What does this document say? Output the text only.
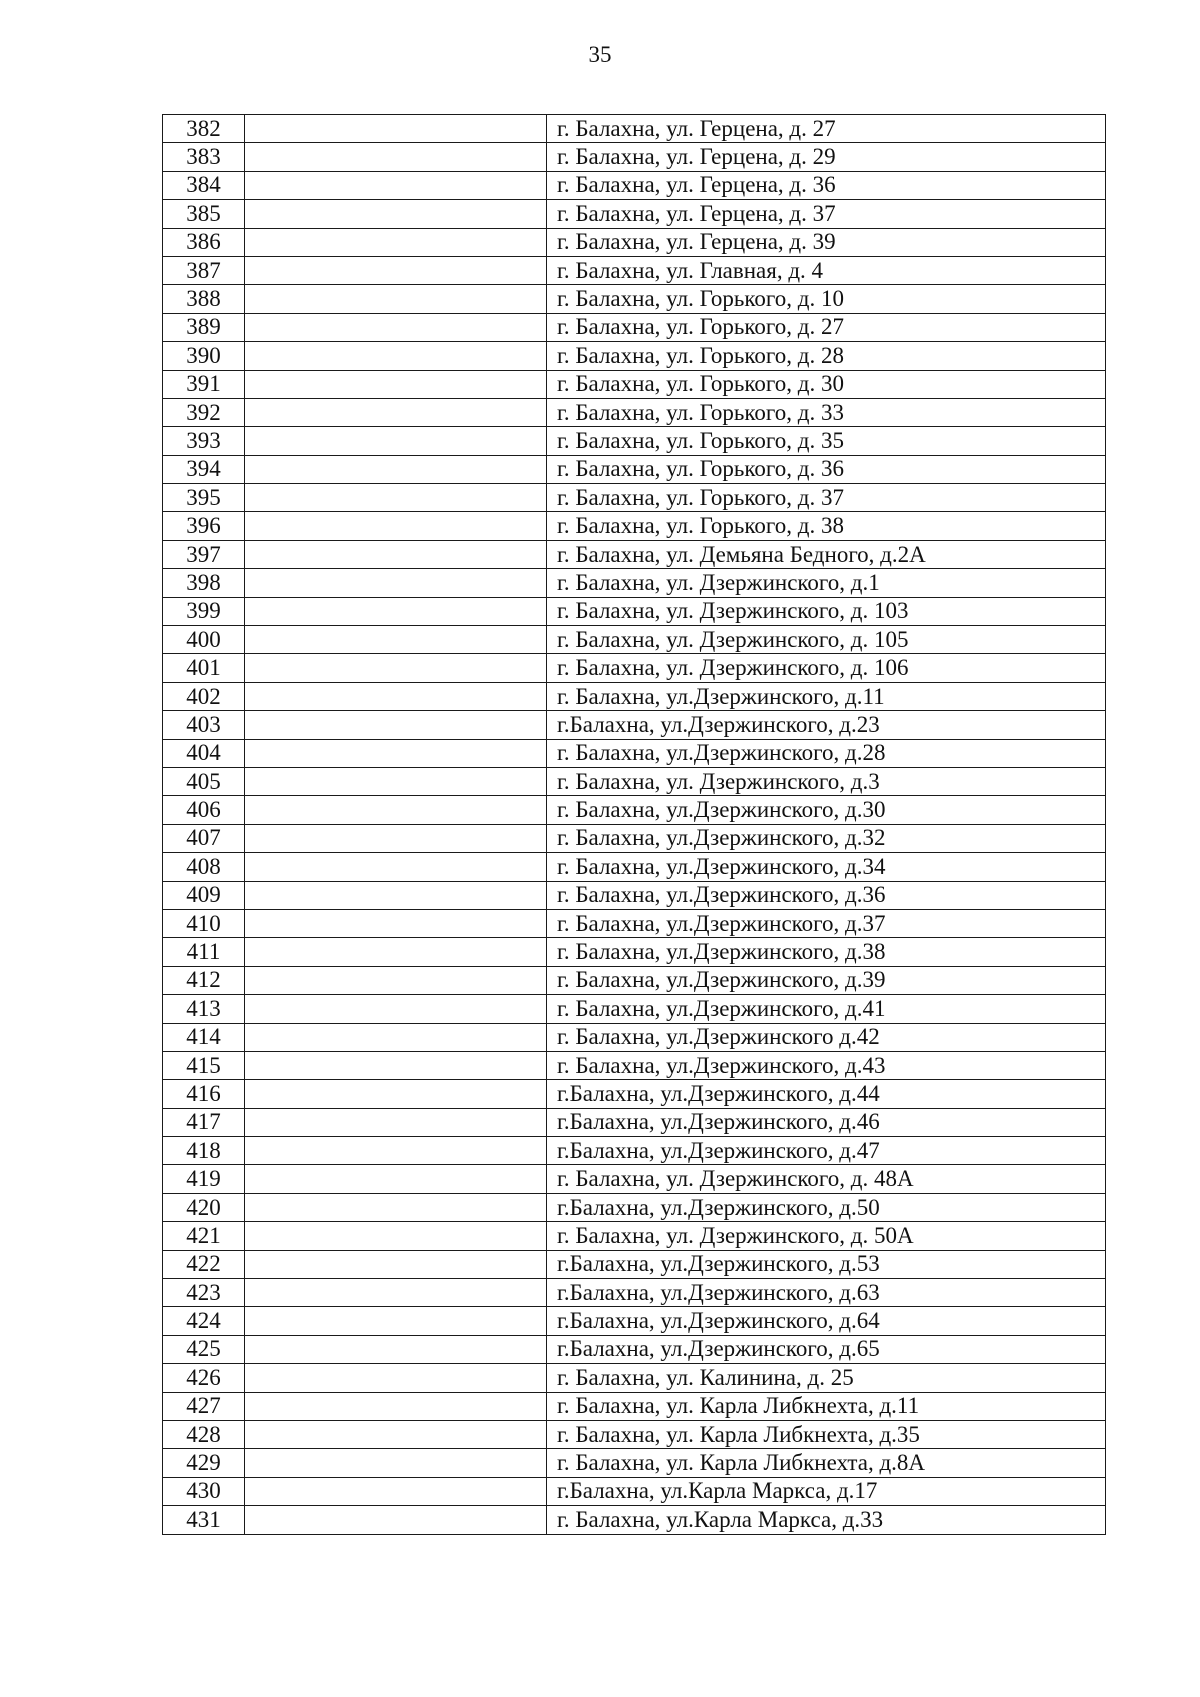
35
382		г. Балахна, ул. Герцена, д. 27
383		г. Балахна, ул. Герцена, д. 29
384		г. Балахна, ул. Герцена, д. 36
385		г. Балахна, ул. Герцена, д. 37
386		г. Балахна, ул. Герцена, д. 39
387		г. Балахна, ул. Главная, д. 4
388		г. Балахна, ул. Горького, д. 10
389		г. Балахна, ул. Горького, д. 27
390		г. Балахна, ул. Горького, д. 28
391		г. Балахна, ул. Горького, д. 30
392		г. Балахна, ул. Горького, д. 33
393		г. Балахна, ул. Горького, д. 35
394		г. Балахна, ул. Горького, д. 36
395		г. Балахна, ул. Горького, д. 37
396		г. Балахна, ул. Горького, д. 38
397		г. Балахна, ул. Демьяна Бедного, д.2А
398		г. Балахна, ул. Дзержинского, д.1
399		г. Балахна, ул. Дзержинского, д. 103
400		г. Балахна, ул. Дзержинского, д. 105
401		г. Балахна, ул. Дзержинского, д. 106
402		г. Балахна, ул.Дзержинского, д.11
403		г.Балахна, ул.Дзержинского, д.23
404		г. Балахна, ул.Дзержинского, д.28
405		г. Балахна, ул. Дзержинского, д.3
406		г. Балахна, ул.Дзержинского, д.30
407		г. Балахна, ул.Дзержинского, д.32
408		г. Балахна, ул.Дзержинского, д.34
409		г. Балахна, ул.Дзержинского, д.36
410		г. Балахна, ул.Дзержинского, д.37
411		г. Балахна, ул.Дзержинского, д.38
412		г. Балахна, ул.Дзержинского, д.39
413		г. Балахна, ул.Дзержинского, д.41
414		г. Балахна, ул.Дзержинского д.42
415		г. Балахна, ул.Дзержинского, д.43
416		г.Балахна, ул.Дзержинского, д.44
417		г.Балахна, ул.Дзержинского, д.46
418		г.Балахна, ул.Дзержинского, д.47
419		г. Балахна, ул. Дзержинского, д. 48А
420		г.Балахна, ул.Дзержинского, д.50
421		г. Балахна, ул. Дзержинского, д. 50А
422		г.Балахна, ул.Дзержинского, д.53
423		г.Балахна, ул.Дзержинского, д.63
424		г.Балахна, ул.Дзержинского, д.64
425		г.Балахна, ул.Дзержинского, д.65
426		г. Балахна, ул. Калинина, д. 25
427		г. Балахна, ул. Карла Либкнехта, д.11
428		г. Балахна, ул. Карла Либкнехта, д.35
429		г. Балахна, ул. Карла Либкнехта, д.8А
430		г.Балахна, ул.Карла Маркса, д.17
431		г. Балахна, ул.Карла Маркса, д.33
